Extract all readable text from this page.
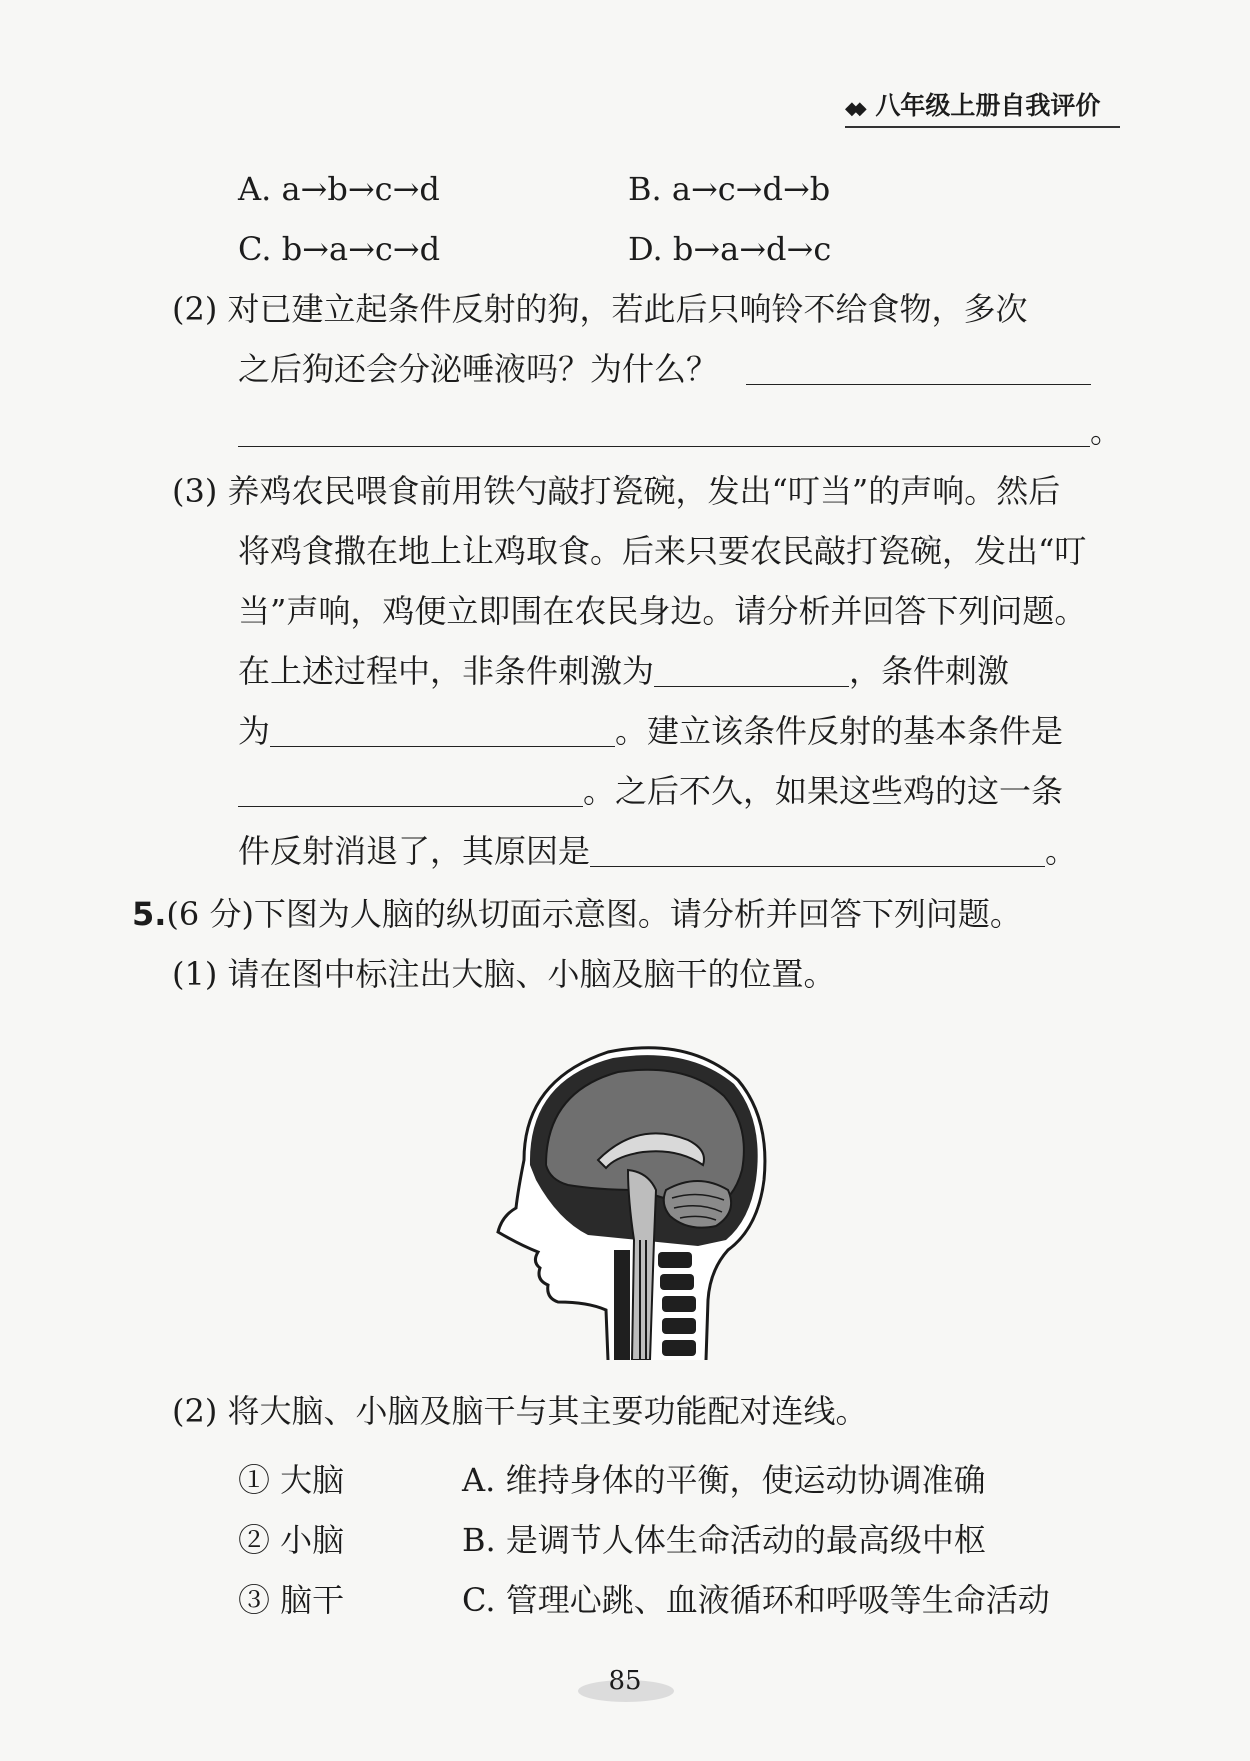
◆◆ 八年级上册自我评价
A. a→b→c→d	B. a→c→d→b
C. b→a→c→d	D. b→a→d→c
(2) 对已建立起条件反射的狗，若此后只响铃不给食物，多次
之后狗还会分泌唾液吗？为什么？
。
(3) 养鸡农民喂食前用铁勺敲打瓷碗，发出“叮当”的声响。然后
将鸡食撒在地上让鸡取食。后来只要农民敲打瓷碗，发出“叮
当”声响，鸡便立即围在农民身边。请分析并回答下列问题。
在上述过程中，非条件刺激为	，条件刺激
为	。建立该条件反射的基本条件是
。之后不久，如果这些鸡的这一条
件反射消退了，其原因是	。
5.(6 分)下图为人脑的纵切面示意图。请分析并回答下列问题。
(1) 请在图中标注出大脑、小脑及脑干的位置。
(2) 将大脑、小脑及脑干与其主要功能配对连线。
① 大脑	A. 维持身体的平衡，使运动协调准确
② 小脑	B. 是调节人体生命活动的最高级中枢
③ 脑干	C. 管理心跳、血液循环和呼吸等生命活动
85
